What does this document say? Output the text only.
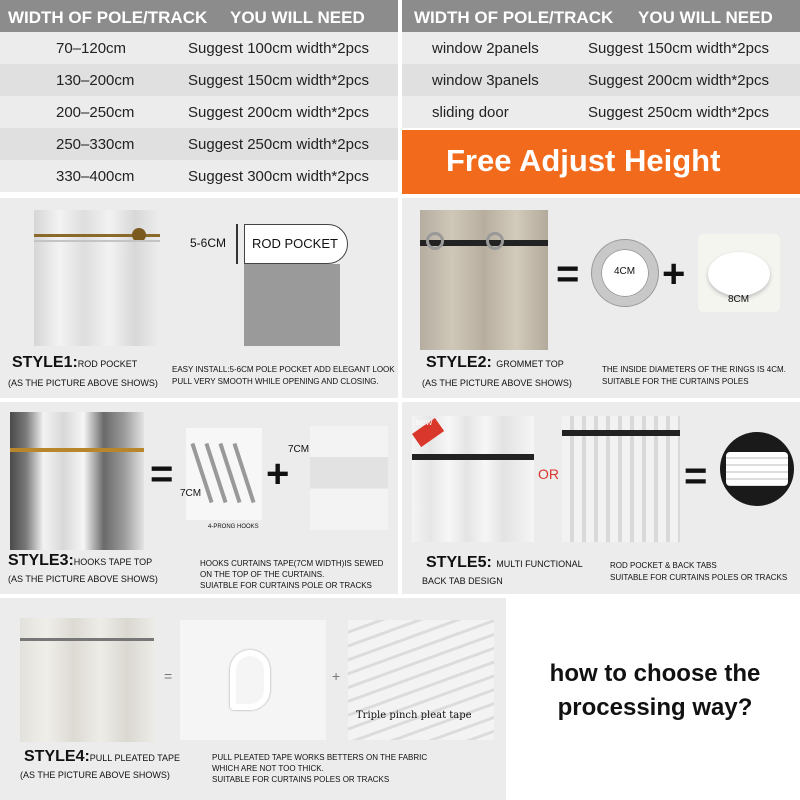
WIDTH OF POLE/TRACK YOU WILL NEED	WIDTH OF POLE/TRACK YOU WILL NEED
70–120cm	Suggest 100cm width*2pcs
130–200cm	Suggest 150cm width*2pcs
200–250cm	Suggest 200cm width*2pcs
250–330cm	Suggest 250cm width*2pcs
330–400cm	Suggest 300cm width*2pcs
window 2panels	Suggest 150cm width*2pcs
window 3panels	Suggest 200cm width*2pcs
sliding door	Suggest 250cm width*2pcs
Free Adjust Height
5-6CM ROD POCKET
STYLE1:ROD POCKET
(AS THE PICTURE ABOVE SHOWS)
EASY INSTALL:5-6CM POLE POCKET ADD ELEGANT LOOK
PULL VERY SMOOTH WHILE OPENING AND CLOSING.
=	4CM +
8CM
STYLE2: GROMMET TOP
(AS THE PICTURE ABOVE SHOWS)
THE INSIDE DIAMETERS OF THE RINGS IS 4CM.
SUITABLE FOR THE CURTAINS POLES
= 7CM
4-PRONG HOOKS
+
7CM
STYLE3:HOOKS TAPE TOP
(AS THE PICTURE ABOVE SHOWS)
HOOKS CURTAINS TAPE(7CM WIDTH)IS SEWED
ON THE TOP OF THE CURTAINS.
SUIATBLE FOR CURTAINS POLE OR TRACKS
NEW
OR	=
STYLE5: MULTI FUNCTIONAL
BACK TAB DESIGN
ROD POCKET & BACK TABS
SUITABLE FOR CURTAINS POLES OR TRACKS
=	+
Triple pinch pleat tape
STYLE4:PULL PLEATED TAPE
(AS THE PICTURE ABOVE SHOWS)
PULL PLEATED TAPE WORKS BETTERS ON THE FABRIC
WHICH ARE NOT TOO THICK.
SUITABLE FOR CURTAINS POLES OR TRACKS
how to choose the
processing way?
